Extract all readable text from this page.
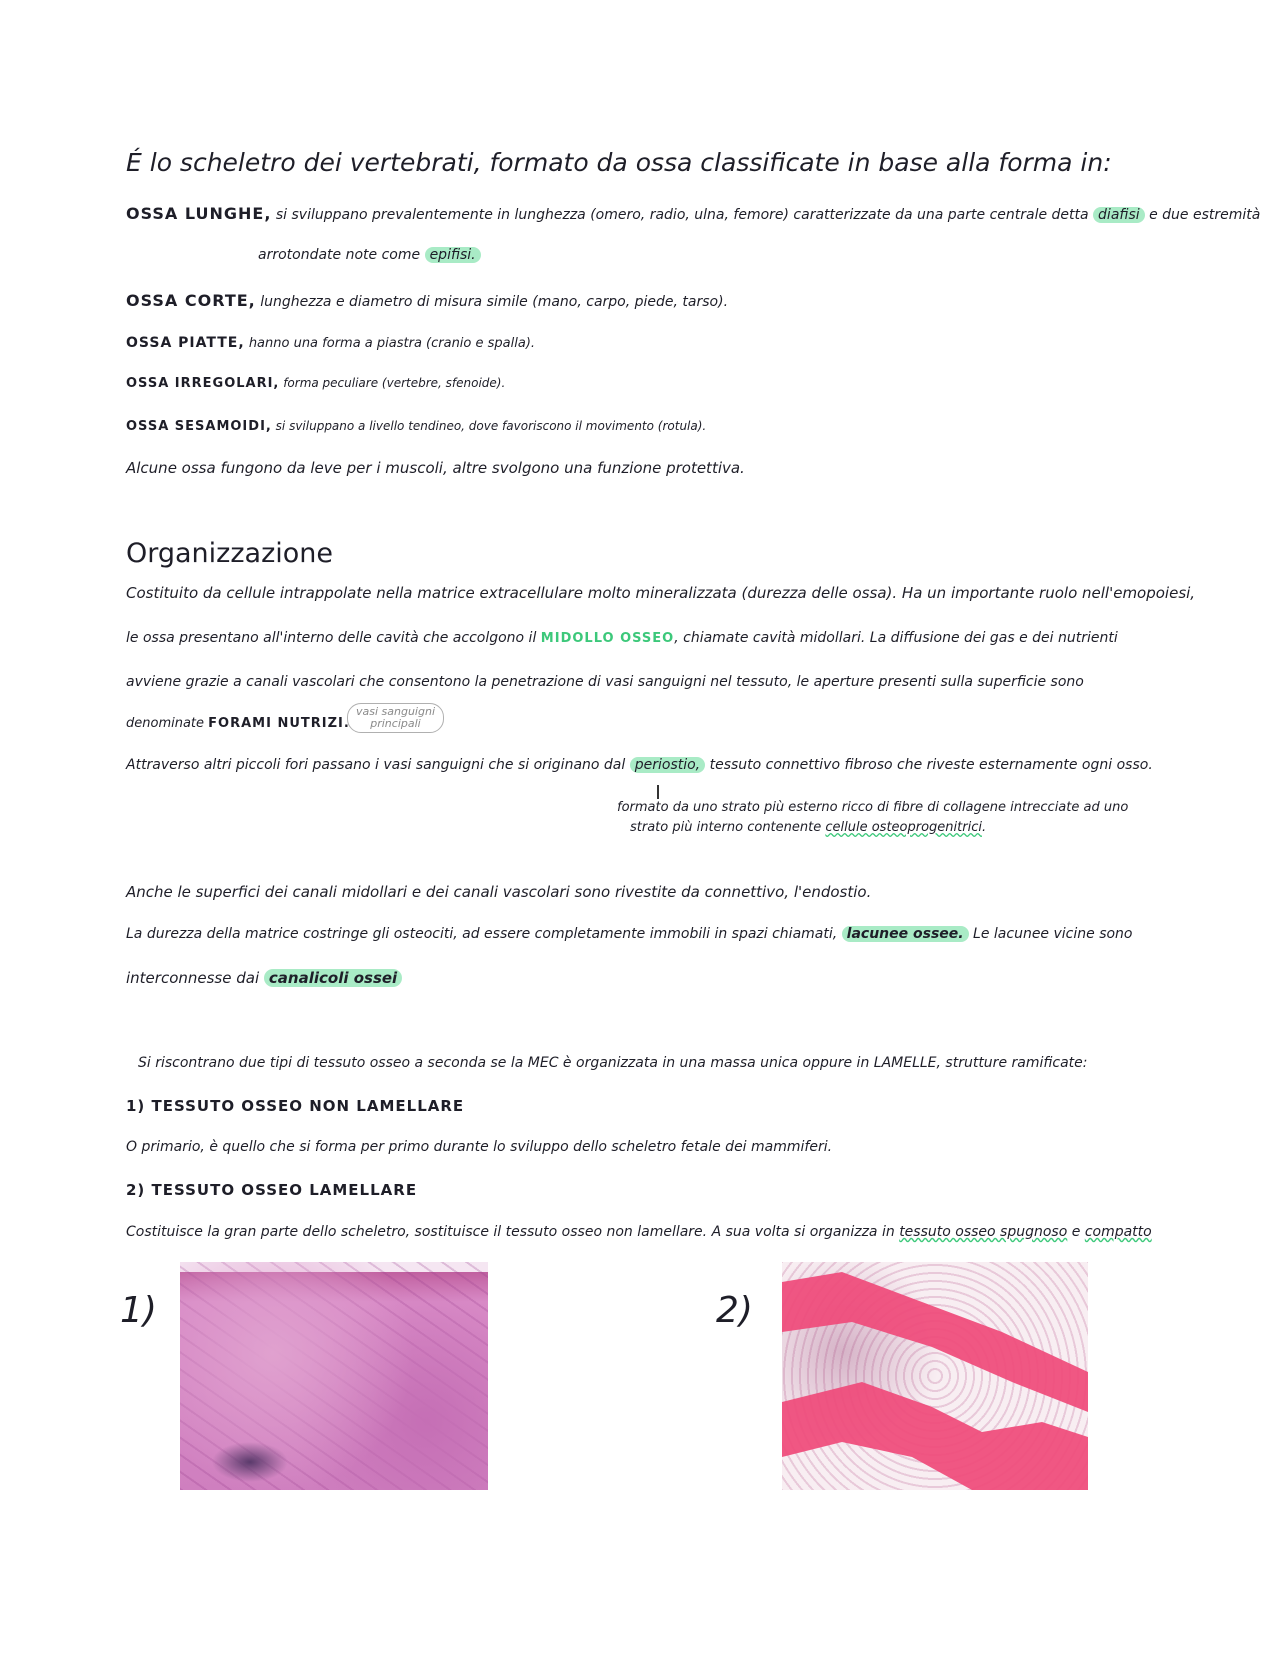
É lo scheletro dei vertebrati, formato da ossa classificate in base alla forma in:
OSSA LUNGHE, si sviluppano prevalentemente in lunghezza (omero, radio, ulna, femore) caratterizzate da una parte centrale detta diafisi e due estremità
arrotondate note come epifisi.
OSSA CORTE, lunghezza e diametro di misura simile (mano, carpo, piede, tarso).
OSSA PIATTE, hanno una forma a piastra (cranio e spalla).
OSSA IRREGOLARI, forma peculiare (vertebre, sfenoide).
OSSA SESAMOIDI, si sviluppano a livello tendineo, dove favoriscono il movimento (rotula).
Alcune ossa fungono da leve per i muscoli, altre svolgono una funzione protettiva.
Organizzazione
Costituito da cellule intrappolate nella matrice extracellulare molto mineralizzata (durezza delle ossa). Ha un importante ruolo nell'emopoiesi,
le ossa presentano all'interno delle cavità che accolgono il MIDOLLO OSSEO, chiamate cavità midollari. La diffusione dei gas e dei nutrienti
avviene grazie a canali vascolari che consentono la penetrazione di vasi sanguigni nel tessuto, le aperture presenti sulla superficie sono
denominate FORAMI NUTRIZI.
vasi sanguigni
principali
Attraverso altri piccoli fori passano i vasi sanguigni che si originano dal periostio, tessuto connettivo fibroso che riveste esternamente ogni osso.
formato da uno strato più esterno ricco di fibre di collagene intrecciate ad uno
strato più interno contenente cellule osteoprogenitrici.
Anche le superfici dei canali midollari e dei canali vascolari sono rivestite da connettivo, l'endostio.
La durezza della matrice costringe gli osteociti, ad essere completamente immobili in spazi chiamati, lacunee ossee. Le lacunee vicine sono
interconnesse dai canalicoli ossei
Si riscontrano due tipi di tessuto osseo a seconda se la MEC è organizzata in una massa unica oppure in LAMELLE, strutture ramificate:
1) TESSUTO OSSEO NON LAMELLARE
O primario, è quello che si forma per primo durante lo sviluppo dello scheletro fetale dei mammiferi.
2) TESSUTO OSSEO LAMELLARE
Costituisce la gran parte dello scheletro, sostituisce il tessuto osseo non lamellare. A sua volta si organizza in tessuto osseo spugnoso e compatto
1)	2)
